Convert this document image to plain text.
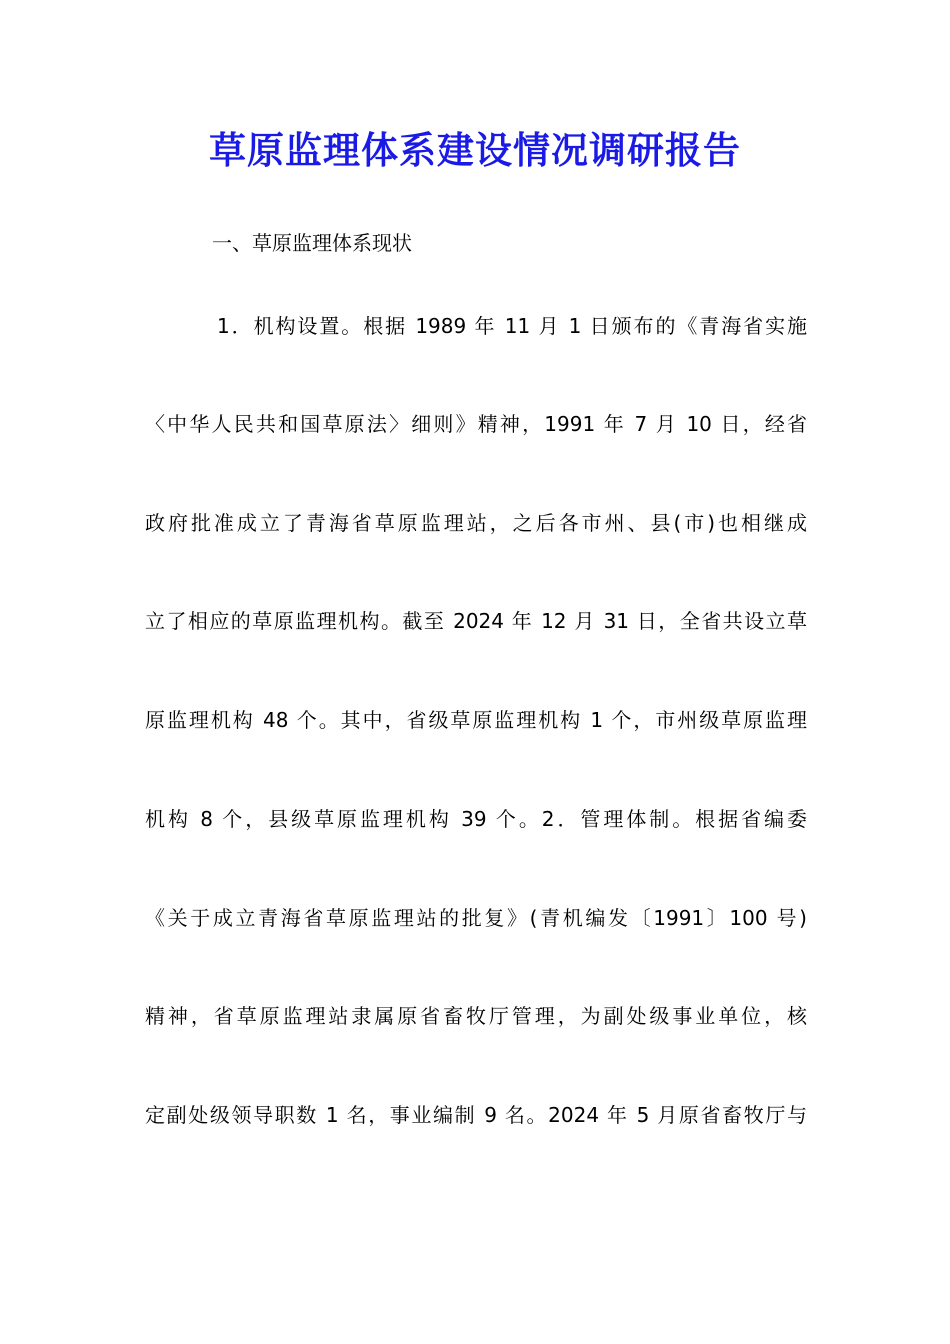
草原监理体系建设情况调研报告
一、草原监理体系现状

1．机构设置。根据 1989 年 11 月 1 日颁布的《青海省实施

〈中华人民共和国草原法〉细则》精神，1991 年 7 月 10 日，经省

政府批准成立了青海省草原监理站，之后各市州、县(市)也相继成

立了相应的草原监理机构。截至 2024 年 12 月 31 日，全省共设立草

原监理机构 48 个。其中，省级草原监理机构 1 个，市州级草原监理

机构 8 个，县级草原监理机构 39 个。2．管理体制。根据省编委

《关于成立青海省草原监理站的批复》(青机编发〔1991〕100 号)

精神，省草原监理站隶属原省畜牧厅管理，为副处级事业单位，核

定副处级领导职数 1 名，事业编制 9 名。2024 年 5 月原省畜牧厅与
